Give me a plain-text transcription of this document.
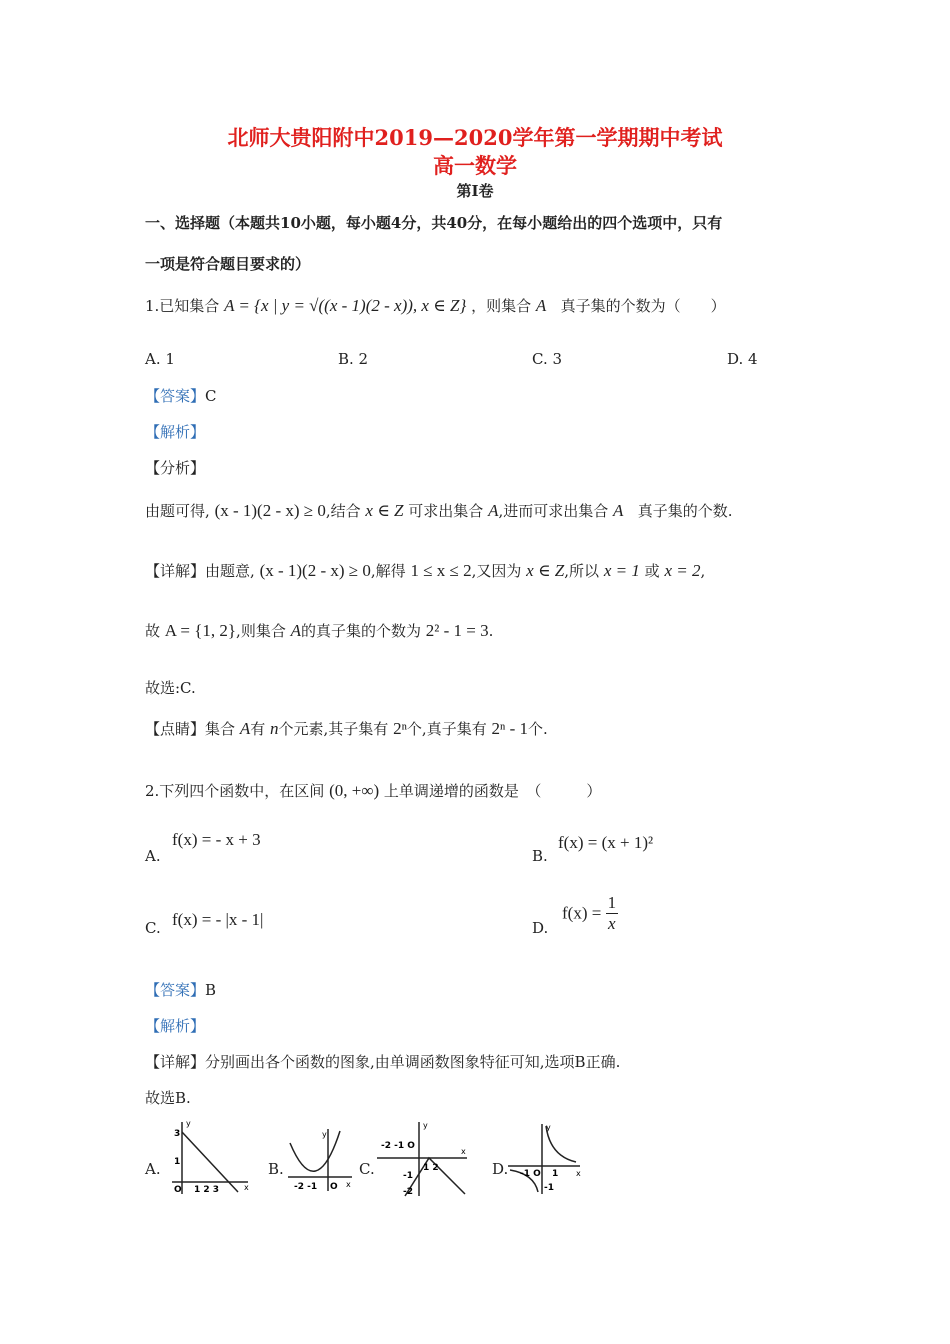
北师大贵阳附中2019—2020学年第一学期期中考试
高一数学
第I卷
一、选择题（本题共10小题，每小题4分，共40分，在每小题给出的四个选项中，只有
一项是符合题目要求的）
1.已知集合 A = {x | y = √((x - 1)(2 - x)), x ∈ Z} ，则集合 A 真子集的个数为（　　）
A. 1	B. 2	C. 3	D. 4
【答案】C
【解析】
【分析】
由题可得, (x - 1)(2 - x) ≥ 0,结合 x ∈ Z 可求出集合 A,进而可求出集合 A 真子集的个数.
【详解】由题意, (x - 1)(2 - x) ≥ 0,解得 1 ≤ x ≤ 2,又因为 x ∈ Z,所以 x = 1 或 x = 2,
故 A = {1, 2},则集合 A的真子集的个数为 2² - 1 = 3.
故选:C.
【点睛】集合 A有 n个元素,其子集有 2ⁿ个,真子集有 2ⁿ - 1个.
2.下列四个函数中，在区间 (0, +∞) 上单调递增的函数是　（　　　）
A.
f(x) = - x + 3
B.
f(x) = (x + 1)²
C. f(x) = - |x - 1|	D.
$f(x) = \frac{1}{x}$
【答案】B
【解析】
【详解】分别画出各个函数的图象,由单调函数图象特征可知,选项B正确.
故选B.
A.
y
x
3
1
O 1 2 3
B.
y
x
-2 -1 O
C.
y
x
-2 -1 O
1 2
-1
-2
D.
y
x
-1 O 1
-1
